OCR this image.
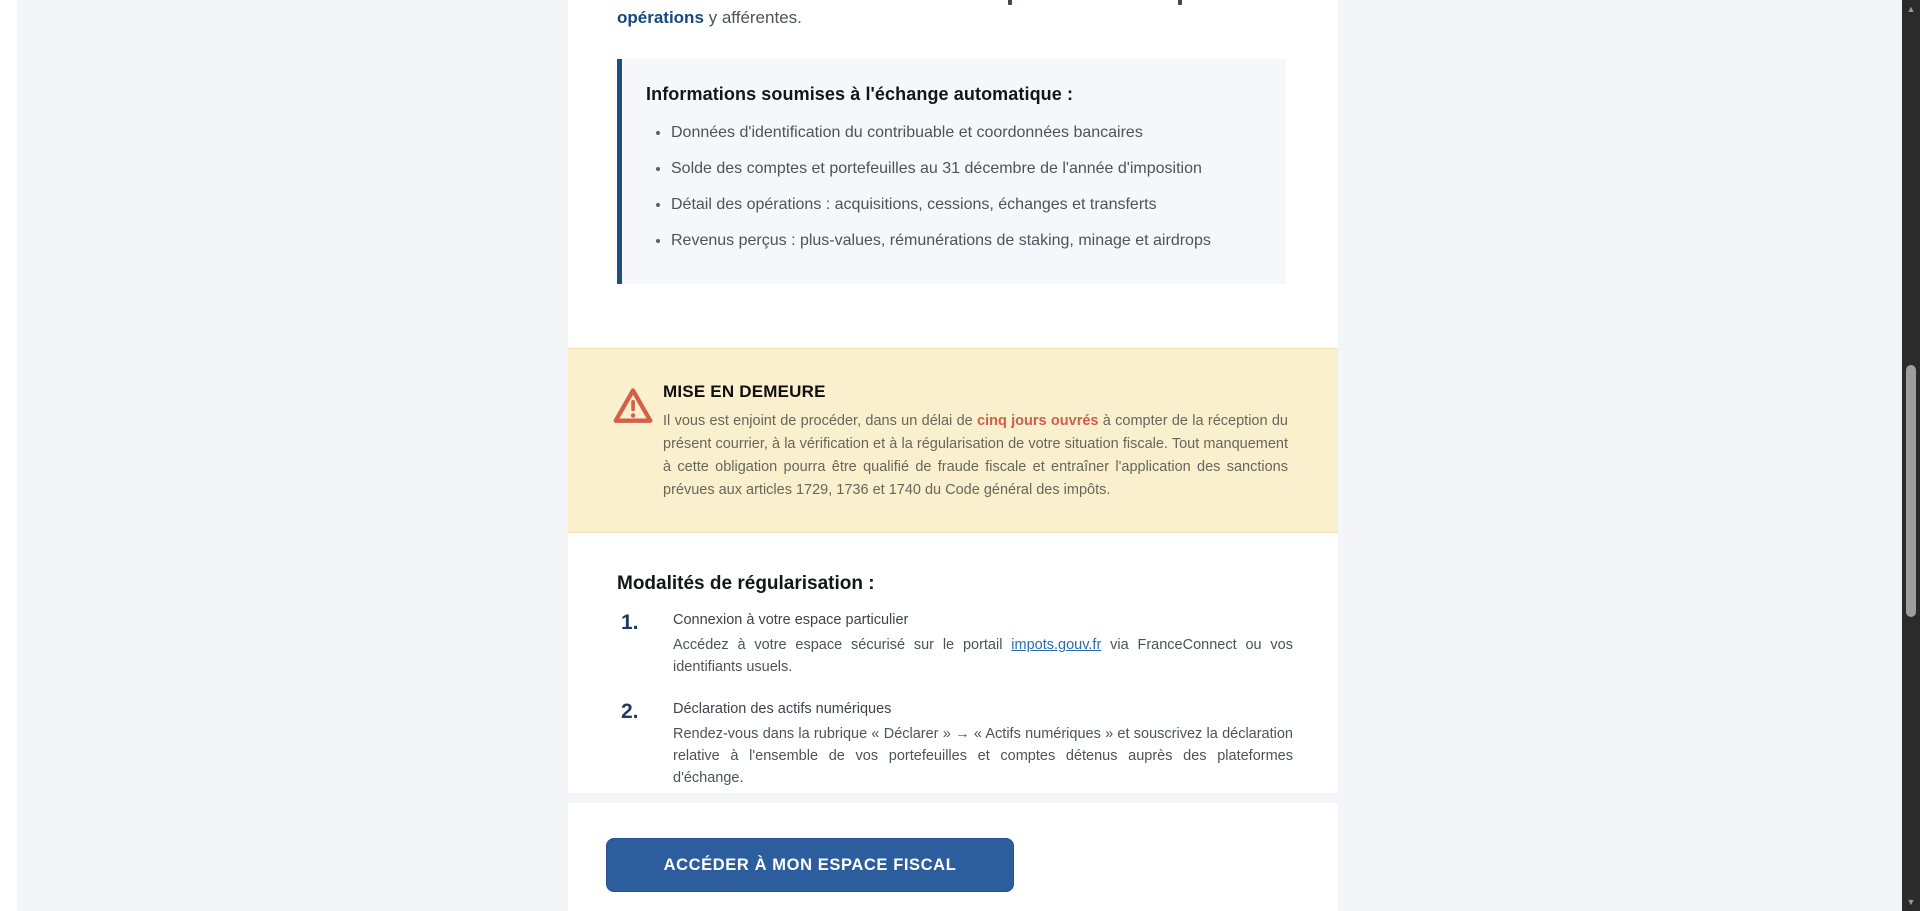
opérations y afférentes.

Informations soumises à l'échange automatique :
• Données d'identification du contribuable et coordonnées bancaires
• Solde des comptes et portefeuilles au 31 décembre de l'année d'imposition
• Détail des opérations : acquisitions, cessions, échanges et transferts
• Revenus perçus : plus-values, rémunérations de staking, minage et airdrops
MISE EN DEMEURE

Il vous est enjoint de procéder, dans un délai de cinq jours ouvrés à compter de la réception du présent courrier, à la vérification et à la régularisation de votre situation fiscale. Tout manquement à cette obligation pourra être qualifié de fraude fiscale et entraîner l'application des sanctions prévues aux articles 1729, 1736 et 1740 du Code général des impôts.

Modalités de régularisation :
1.	Connexion à votre espace particulier

Accédez à votre espace sécurisé sur le portail impots.gouv.fr via FranceConnect ou vos identifiants usuels.

2.	Déclaration des actifs numériques

Rendez-vous dans la rubrique « Déclarer » → « Actifs numériques » et souscrivez la déclaration relative à l'ensemble de vos portefeuilles et comptes détenus auprès des plateformes d'échange.

ACCÉDER À MON ESPACE FISCAL
▲
▼
